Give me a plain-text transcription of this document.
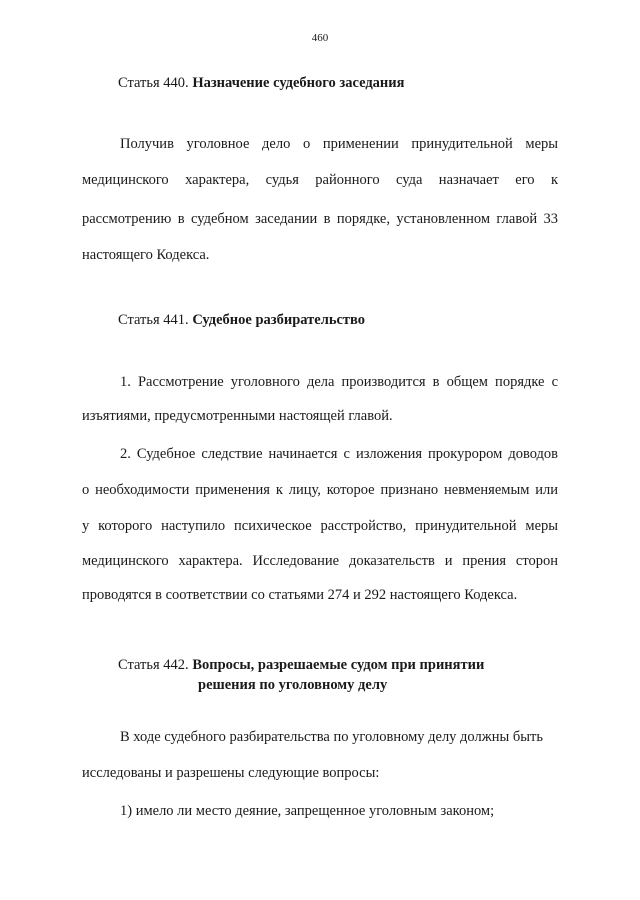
460
Статья 440. Назначение судебного заседания
Получив уголовное дело о применении принудительной меры
медицинского характера, судья районного суда назначает его к
рассмотрению в судебном заседании в порядке, установленном главой 33
настоящего Кодекса.
Статья 441. Судебное разбирательство
1. Рассмотрение уголовного дела производится в общем порядке с
изъятиями, предусмотренными настоящей главой.
2. Судебное следствие начинается с изложения прокурором доводов
о необходимости применения к лицу, которое признано невменяемым или
у которого наступило психическое расстройство, принудительной меры
медицинского характера. Исследование доказательств и прения сторон
проводятся в соответствии со статьями 274 и 292 настоящего Кодекса.
Статья 442. Вопросы, разрешаемые судом при принятии
решения по уголовному делу
В ходе судебного разбирательства по уголовному делу должны быть
исследованы и разрешены следующие вопросы:
1) имело ли место деяние, запрещенное уголовным законом;
